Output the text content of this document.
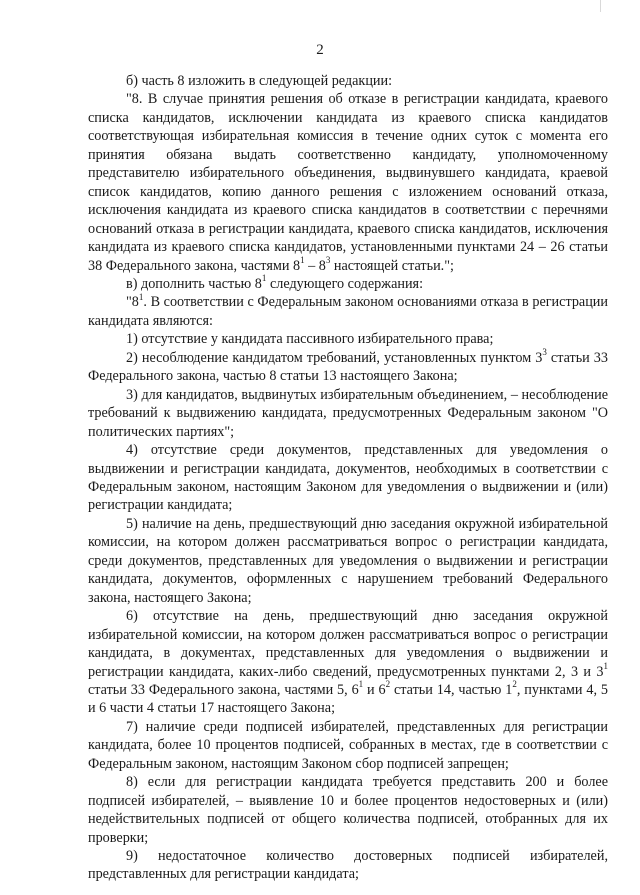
2

б) часть 8 изложить в следующей редакции:

"8. В случае принятия решения об отказе в регистрации кандидата, краевого списка кандидатов, исключении кандидата из краевого списка кандидатов соответствующая избирательная комиссия в течение одних суток с момента его принятия обязана выдать соответственно кандидату, уполномоченному представителю избирательного объединения, выдвинувшего кандидата, краевой список кандидатов, копию данного решения с изложением оснований отказа, исключения кандидата из краевого списка кандидатов в соответствии с перечнями оснований отказа в регистрации кандидата, краевого списка кандидатов, исключения кандидата из краевого списка кандидатов, установленными пунктами 24 – 26 статьи 38 Федерального закона, частями $8^1 - 8^3$ настоящей статьи.";

в) дополнить частью $8^1$ следующего содержания:

"$8^1$. В соответствии с Федеральным законом основаниями отказа в регистрации кандидата являются:

1) отсутствие у кандидата пассивного избирательного права;

2) несоблюдение кандидатом требований, установленных пунктом $3^3$ статьи 33 Федерального закона, частью 8 статьи 13 настоящего Закона;

3) для кандидатов, выдвинутых избирательным объединением, – несоблюдение требований к выдвижению кандидата, предусмотренных Федеральным законом "О политических партиях";

4) отсутствие среди документов, представленных для уведомления о выдвижении и регистрации кандидата, документов, необходимых в соответствии с Федеральным законом, настоящим Законом для уведомления о выдвижении и (или) регистрации кандидата;

5) наличие на день, предшествующий дню заседания окружной избирательной комиссии, на котором должен рассматриваться вопрос о регистрации кандидата, среди документов, представленных для уведомления о выдвижении и регистрации кандидата, документов, оформленных с нарушением требований Федерального закона, настоящего Закона;

6) отсутствие на день, предшествующий дню заседания окружной избирательной комиссии, на котором должен рассматриваться вопрос о регистрации кандидата, в документах, представленных для уведомления о выдвижении и регистрации кандидата, каких-либо сведений, предусмотренных пунктами 2, 3 и $3^1$ статьи 33 Федерального закона, частями 5, $6^1$ и $6^2$ статьи 14, частью $1^2$, пунктами 4, 5 и 6 части 4 статьи 17 настоящего Закона;

7) наличие среди подписей избирателей, представленных для регистрации кандидата, более 10 процентов подписей, собранных в местах, где в соответствии с Федеральным законом, настоящим Законом сбор подписей запрещен;

8) если для регистрации кандидата требуется представить 200 и более подписей избирателей, – выявление 10 и более процентов недостоверных и (или) недействительных подписей от общего количества подписей, отобранных для их проверки;

9) недостаточное количество достоверных подписей избирателей, представленных для регистрации кандидата;
